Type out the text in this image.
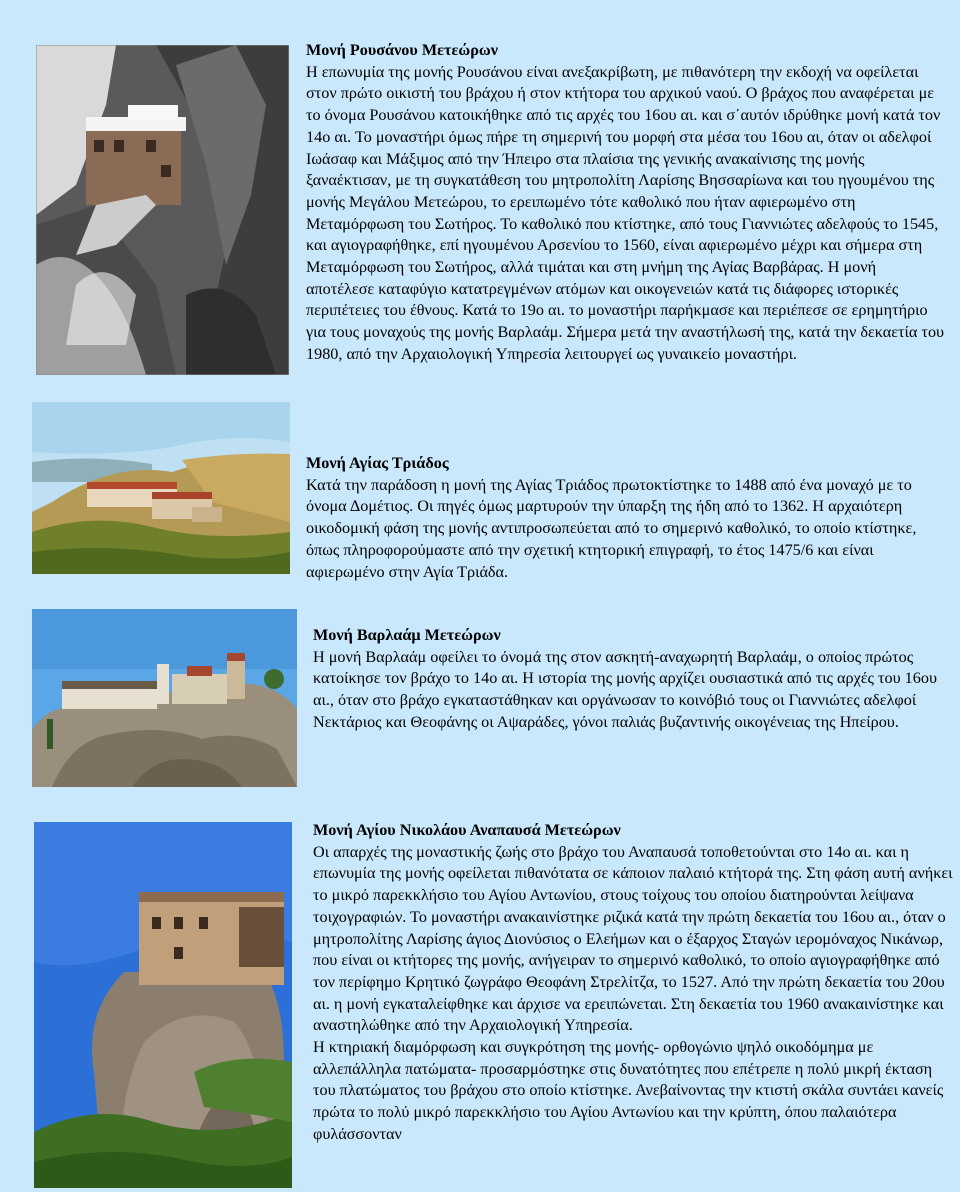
Μονή Ρουσάνου Μετεώρων

Η επωνυμία της μονής Ρουσάνου είναι ανεξακρίβωτη, με πιθανότερη την εκδοχή να οφείλεται στον πρώτο οικιστή του βράχου ή στον κτήτορα του αρχικού ναού. Ο βράχος που αναφέρεται με το όνομα Ρουσάνου κατοικήθηκε από τις αρχές του 16ου αι. και σ΄αυτόν ιδρύθηκε μονή κατά τον 14ο αι. Το μοναστήρι όμως πήρε τη σημερινή του μορφή στα μέσα του 16ου αι, όταν οι αδελφοί Ιωάσαφ και Μάξιμος από την Ήπειρο στα πλαίσια της γενικής ανακαίνισης της μονής ξαναέκτισαν, με τη συγκατάθεση του μητροπολίτη Λαρίσης Βησσαρίωνα και του ηγουμένου της μονής Μεγάλου Μετεώρου, το ερειπωμένο τότε καθολικό που ήταν αφιερωμένο στη Μεταμόρφωση του Σωτήρος. Το καθολικό που κτίστηκε, από τους Γιαννιώτες αδελφούς το 1545, και αγιογραφήθηκε, επί ηγουμένου Αρσενίου το 1560, είναι αφιερωμένο μέχρι και σήμερα στη Μεταμόρφωση του Σωτήρος, αλλά τιμάται και στη μνήμη της Αγίας Βαρβάρας. Η μονή αποτέλεσε καταφύγιο κατατρεγμένων ατόμων και οικογενειών κατά τις διάφορες ιστορικές περιπέτειες του έθνους. Κατά το 19ο αι. το μοναστήρι παρήκμασε και περιέπεσε σε ερημητήριο για τους μοναχούς της μονής Βαρλαάμ. Σήμερα μετά την αναστήλωσή της, κατά την δεκαετία του 1980, από την Αρχαιολογική Υπηρεσία λειτουργεί ως γυναικείο μοναστήρι.

Μονή Αγίας Τριάδος

Κατά την παράδοση η μονή της Αγίας Τριάδος πρωτοκτίστηκε το 1488 από ένα μοναχό με το όνομα Δομέτιος. Οι πηγές όμως μαρτυρούν την ύπαρξη της ήδη από το 1362. Η αρχαιότερη οικοδομική φάση της μονής αντιπροσωπεύεται από το σημερινό καθολικό, το οποίο κτίστηκε, όπως πληροφορούμαστε από την σχετική κτητορική επιγραφή, το έτος 1475/6 και είναι αφιερωμένο στην Αγία Τριάδα.

Μονή Βαρλαάμ Μετεώρων

Η μονή Βαρλαάμ οφείλει το όνομά της στον ασκητή-αναχωρητή Βαρλαάμ, ο οποίος πρώτος κατοίκησε τον βράχο το 14ο αι. Η ιστορία της μονής αρχίζει ουσιαστικά από τις αρχές του 16ου αι., όταν στο βράχο εγκαταστάθηκαν και οργάνωσαν το κοινόβιό τους οι Γιαννιώτες αδελφοί Νεκτάριος και Θεοφάνης οι Αψαράδες, γόνοι παλιάς βυζαντινής οικογένειας της Ηπείρου.

Μονή Αγίου Νικολάου Αναπαυσά Μετεώρων

Οι απαρχές της μοναστικής ζωής στο βράχο του Αναπαυσά τοποθετούνται στο 14ο αι. και η επωνυμία της μονής οφείλεται πιθανότατα σε κάποιον παλαιό κτήτορά της. Στη φάση αυτή ανήκει το μικρό παρεκκλήσιο του Αγίου Αντωνίου, στους τοίχους του οποίου διατηρούνται λείψανα τοιχογραφιών. Το μοναστήρι ανακαινίστηκε ριζικά κατά την πρώτη δεκαετία του 16ου αι., όταν ο μητροπολίτης Λαρίσης άγιος Διονύσιος ο Ελεήμων και ο έξαρχος Σταγών ιερομόναχος Νικάνωρ, που είναι οι κτήτορες της μονής, ανήγειραν το σημερινό καθολικό, το οποίο αγιογραφήθηκε από τον περίφημο Κρητικό ζωγράφο Θεοφάνη Στρελίτζα, το 1527. Από την πρώτη δεκαετία του 20ου αι. η μονή εγκαταλείφθηκε και άρχισε να ερειπώνεται. Στη δεκαετία του 1960 ανακαινίστηκε και αναστηλώθηκε από την Αρχαιολογική Υπηρεσία.

Η κτηριακή διαμόρφωση και συγκρότηση της μονής- ορθογώνιο ψηλό οικοδόμημα με αλλεπάλληλα πατώματα- προσαρμόστηκε στις δυνατότητες που επέτρεπε η πολύ μικρή έκταση του πλατώματος του βράχου στο οποίο κτίστηκε. Ανεβαίνοντας την κτιστή σκάλα συντάει κανείς πρώτα το πολύ μικρό παρεκκλήσιο του Αγίου Αντωνίου και την κρύπτη, όπου παλαιότερα φυλάσσονταν
